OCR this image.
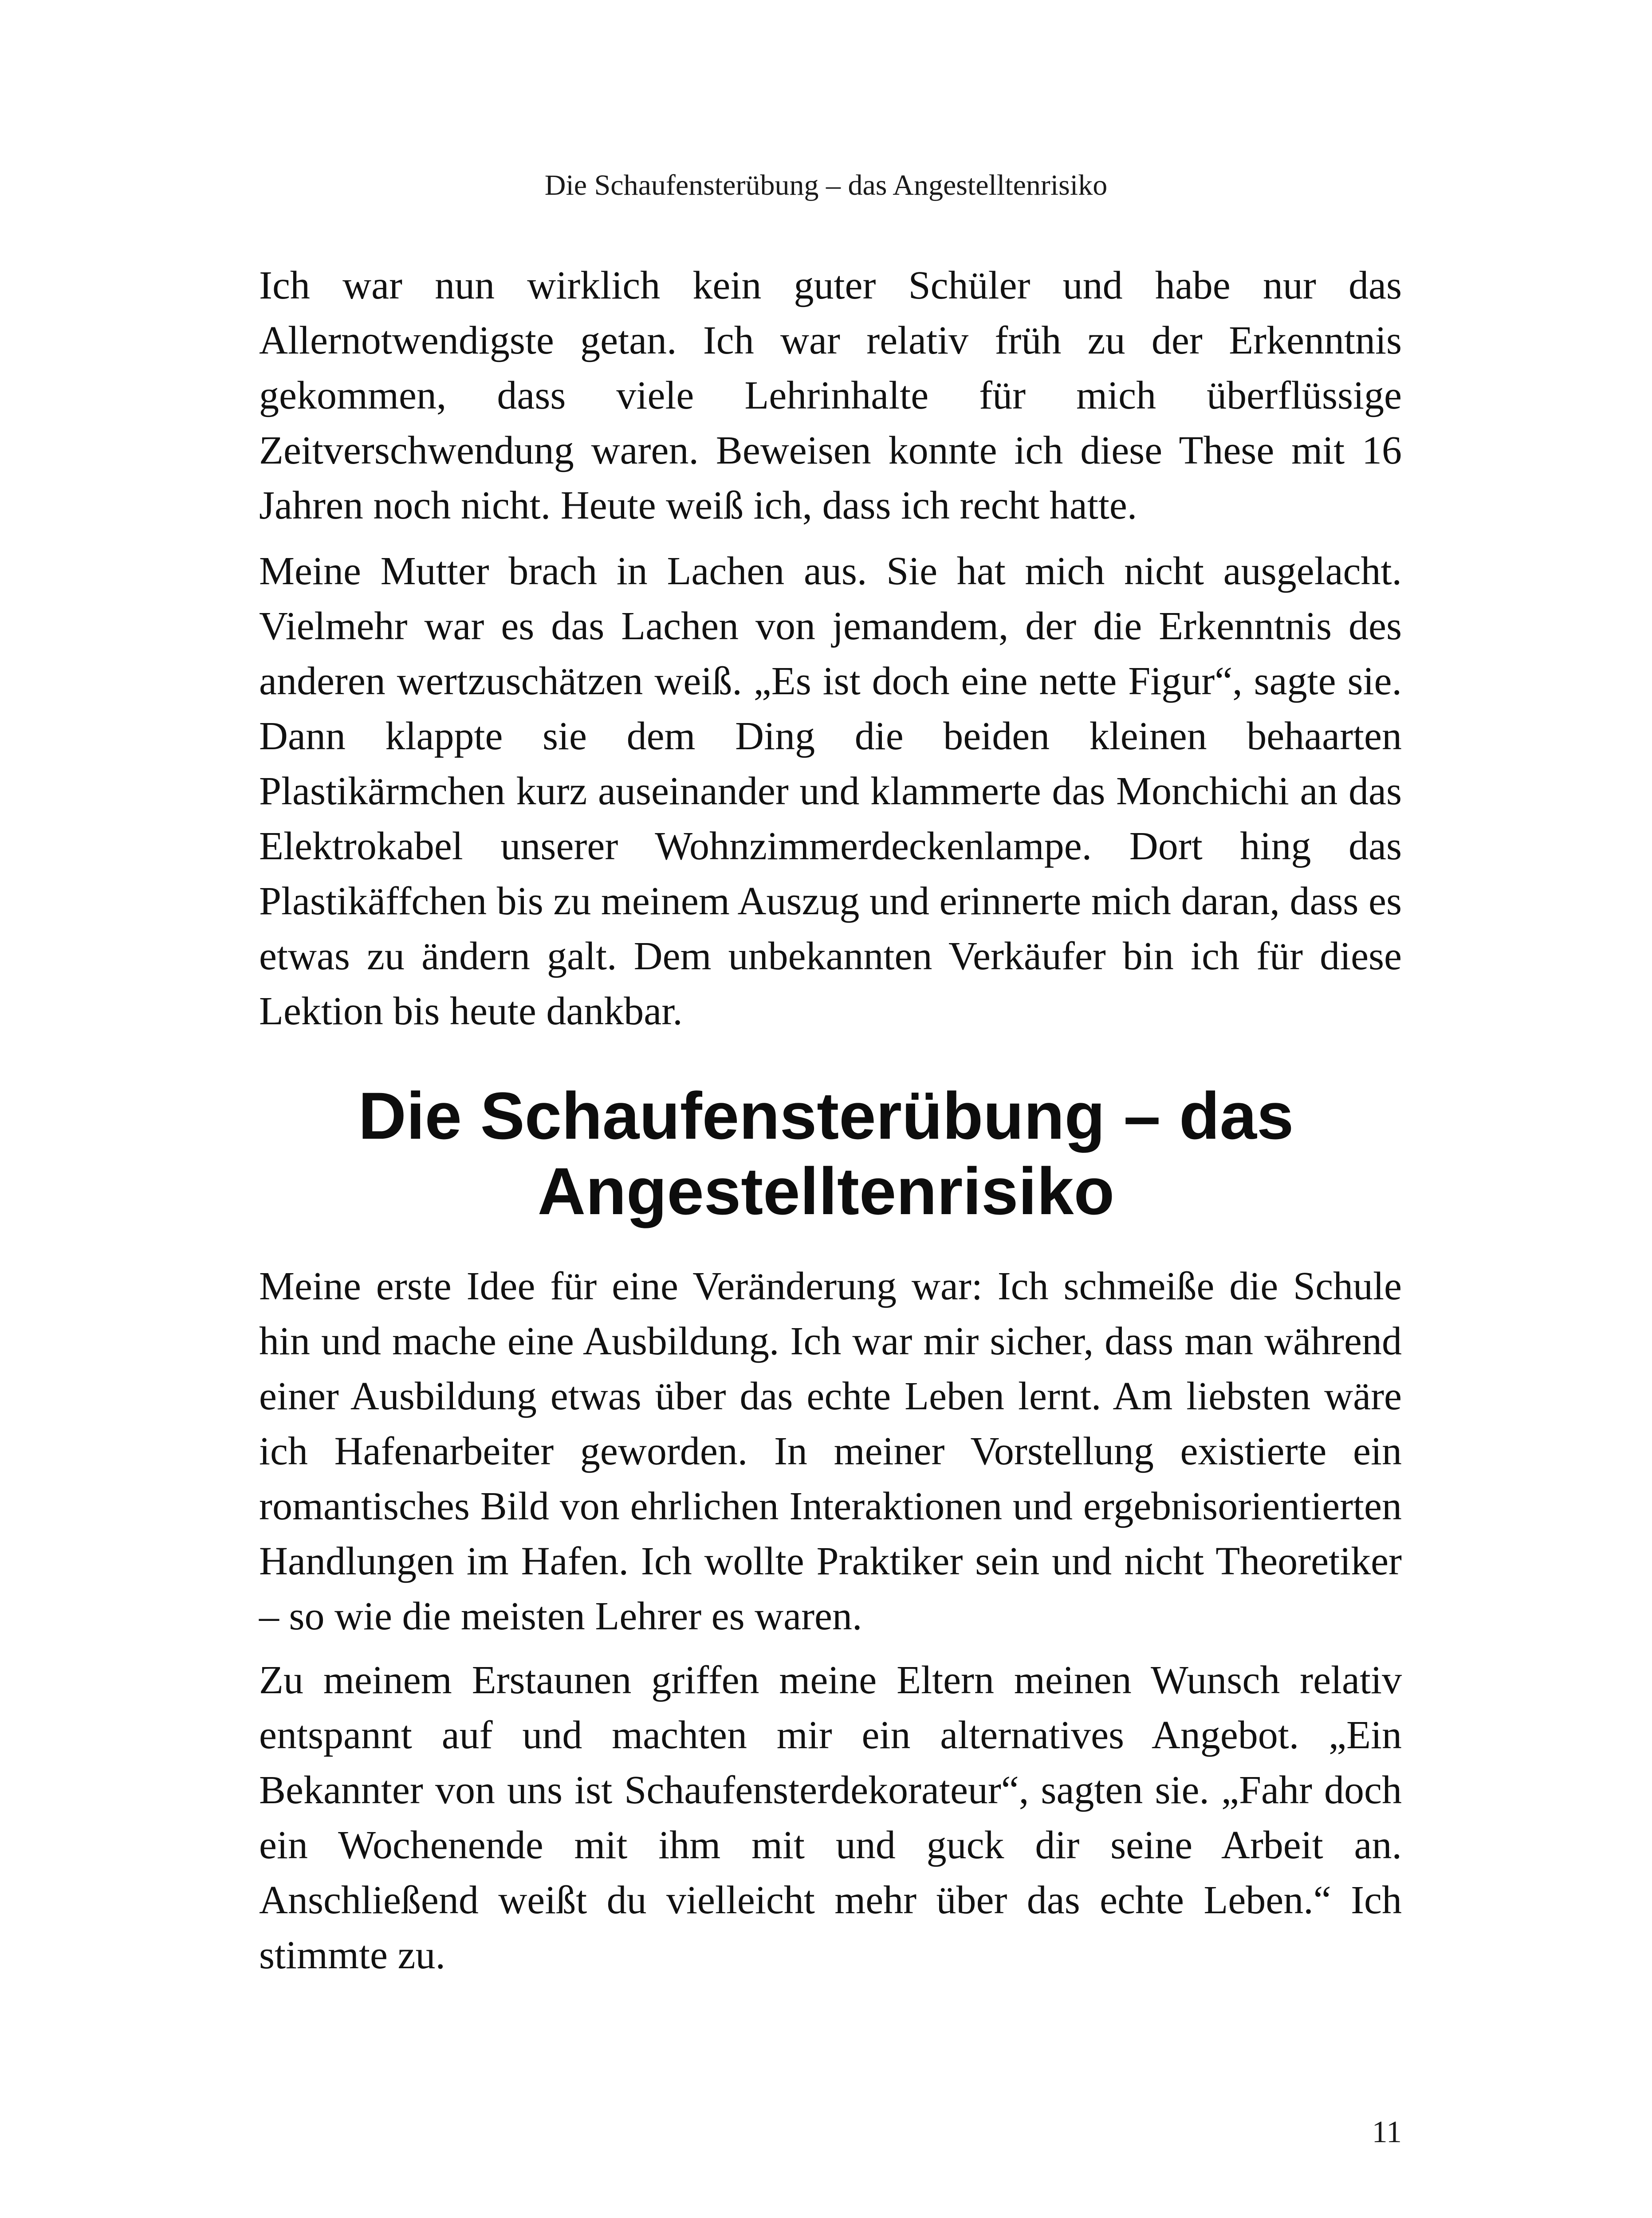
Die Schaufensterübung – das Angestelltenrisiko

Ich war nun wirklich kein guter Schüler und habe nur das Allernotwendigste getan. Ich war relativ früh zu der Erkenntnis gekommen, dass viele Lehrinhalte für mich überflüssige Zeitverschwendung waren. Beweisen konnte ich diese These mit 16 Jahren noch nicht. Heute weiß ich, dass ich recht hatte.

Meine Mutter brach in Lachen aus. Sie hat mich nicht ausgelacht. Vielmehr war es das Lachen von jemandem, der die Erkenntnis des anderen wertzuschätzen weiß. „Es ist doch eine nette Figur“, sagte sie. Dann klappte sie dem Ding die beiden kleinen behaarten Plastikärmchen kurz auseinander und klammerte das Monchichi an das Elektrokabel unserer Wohnzimmerdeckenlampe. Dort hing das Plastikäffchen bis zu meinem Auszug und erinnerte mich daran, dass es etwas zu ändern galt. Dem unbekannten Verkäufer bin ich für diese Lektion bis heute dankbar.

Die Schaufensterübung – das
Angestelltenrisiko

Meine erste Idee für eine Veränderung war: Ich schmeiße die Schule hin und mache eine Ausbildung. Ich war mir sicher, dass man während einer Ausbildung etwas über das echte Leben lernt. Am liebsten wäre ich Hafenarbeiter geworden. In meiner Vorstellung existierte ein romantisches Bild von ehrlichen Interaktionen und ergebnisorientierten Handlungen im Hafen. Ich wollte Praktiker sein und nicht Theoretiker – so wie die meisten Lehrer es waren.

Zu meinem Erstaunen griffen meine Eltern meinen Wunsch relativ entspannt auf und machten mir ein alternatives Angebot. „Ein Bekannter von uns ist Schaufensterdekorateur“, sagten sie. „Fahr doch ein Wochenende mit ihm mit und guck dir seine Arbeit an. Anschließend weißt du vielleicht mehr über das echte Leben.“ Ich stimmte zu.

11
